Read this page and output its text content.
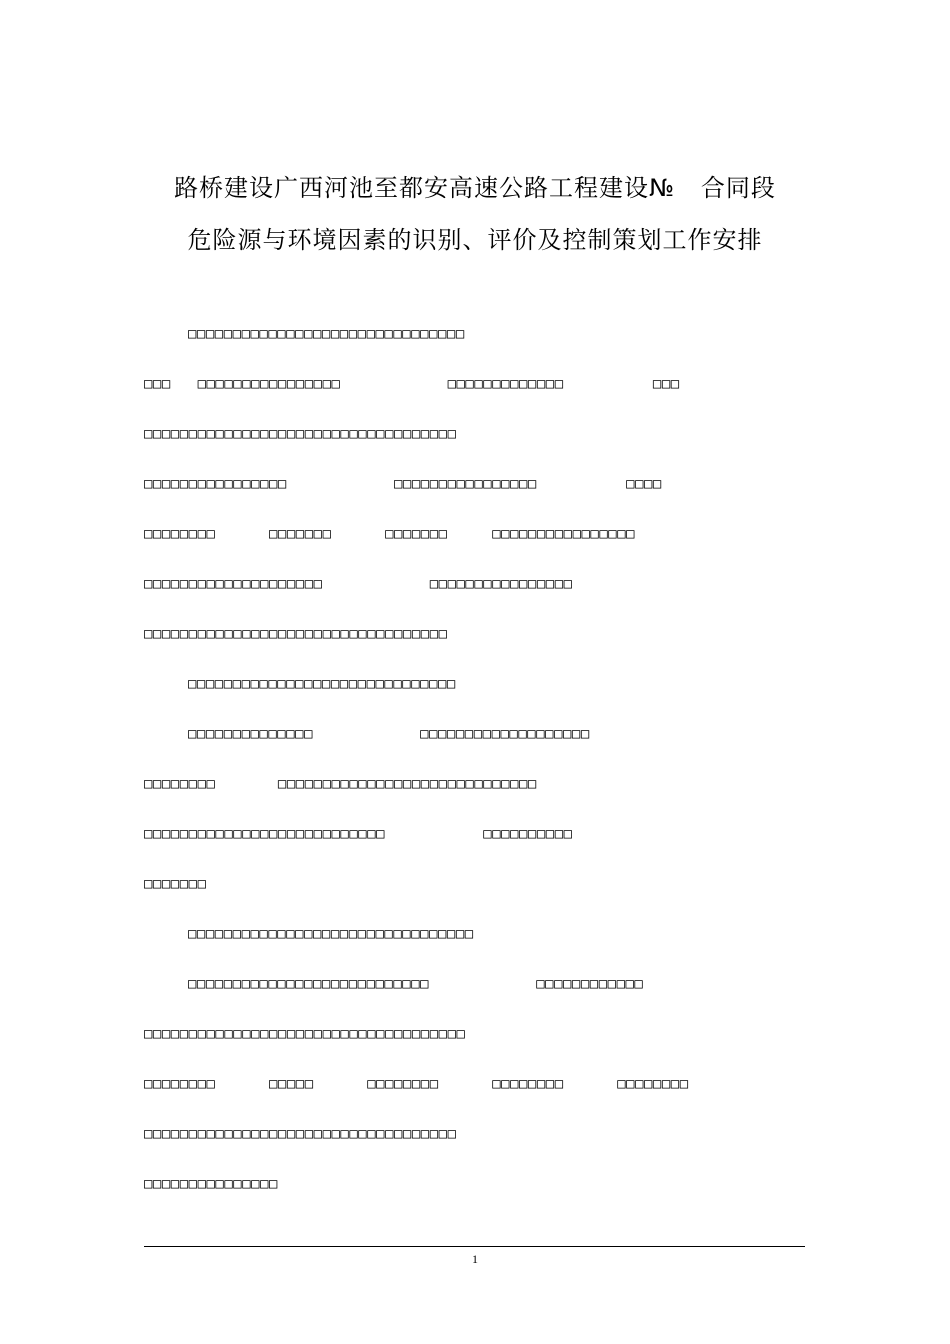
路桥建设广西河池至都安高速公路工程建设№   合同段
危险源与环境因素的识别、评价及控制策划工作安排
□□□□□□□□□□□□□□□□□□□□□□□□□□□□□□□
□□□   □□□□□□□□□□□□□□□□            □□□□□□□□□□□□□          □□□
□□□□□□□□□□□□□□□□□□□□□□□□□□□□□□□□□□□
□□□□□□□□□□□□□□□□            □□□□□□□□□□□□□□□□          □□□□
□□□□□□□□      □□□□□□□      □□□□□□□     □□□□□□□□□□□□□□□□
□□□□□□□□□□□□□□□□□□□□            □□□□□□□□□□□□□□□□
□□□□□□□□□□□□□□□□□□□□□□□□□□□□□□□□□□
□□□□□□□□□□□□□□□□□□□□□□□□□□□□□□
□□□□□□□□□□□□□□            □□□□□□□□□□□□□□□□□□□
□□□□□□□□       □□□□□□□□□□□□□□□□□□□□□□□□□□□□□
□□□□□□□□□□□□□□□□□□□□□□□□□□□           □□□□□□□□□□
□□□□□□□
□□□□□□□□□□□□□□□□□□□□□□□□□□□□□□□□
□□□□□□□□□□□□□□□□□□□□□□□□□□□            □□□□□□□□□□□□
□□□□□□□□□□□□□□□□□□□□□□□□□□□□□□□□□□□□
□□□□□□□□      □□□□□      □□□□□□□□      □□□□□□□□      □□□□□□□□
□□□□□□□□□□□□□□□□□□□□□□□□□□□□□□□□□□□
□□□□□□□□□□□□□□□
1
